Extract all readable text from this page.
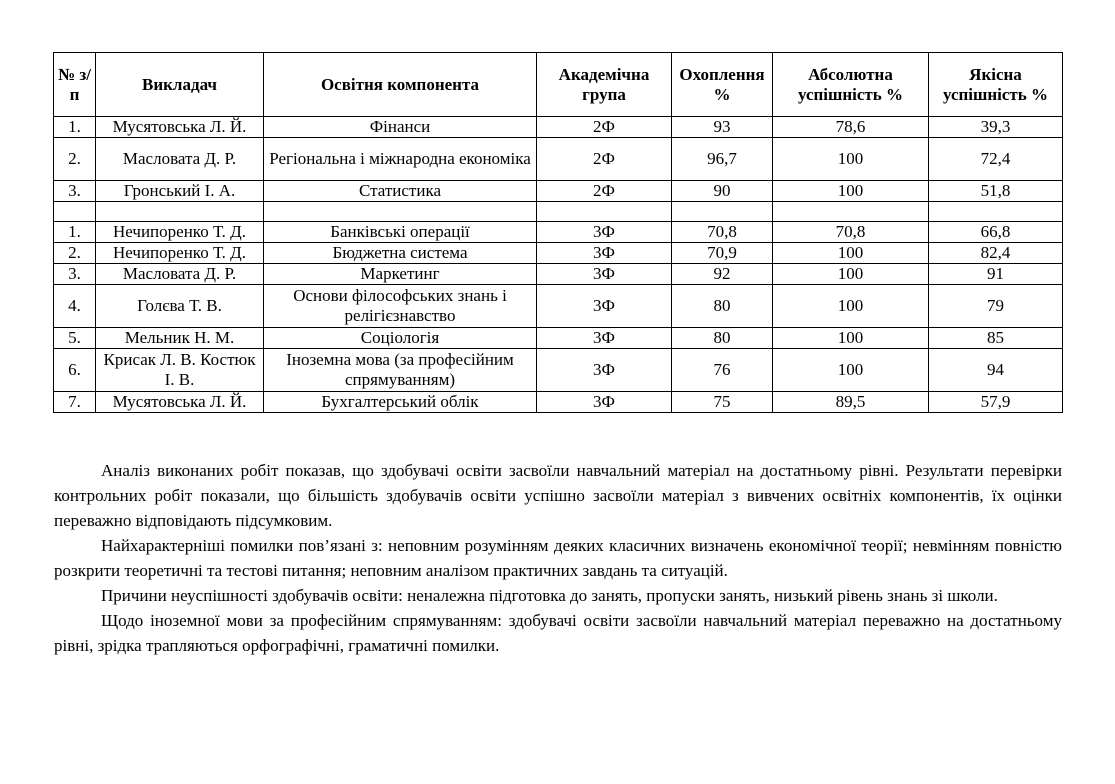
№ з/п	Викладач	Освітня компонента	Академічна група	Охоплення %	Абсолютна успішність %	Якісна успішність %
1.	Мусятовська Л. Й.	Фінанси	2Ф	93	78,6	39,3
2.	Масловата Д. Р.	Регіональна і міжнародна економіка	2Ф	96,7	100	72,4
3.	Гронський І. А.	Статистика	2Ф	90	100	51,8

1.	Нечипоренко Т. Д.	Банківські операції	3Ф	70,8	70,8	66,8
2.	Нечипоренко Т. Д.	Бюджетна система	3Ф	70,9	100	82,4
3.	Масловата Д. Р.	Маркетинг	3Ф	92	100	91
4.	Голєва Т. В.	Основи філософських знань і релігієзнавство	3Ф	80	100	79
5.	Мельник Н. М.	Соціологія	3Ф	80	100	85
6.	Крисак Л. В. Костюк І. В.	Іноземна мова (за професійним спрямуванням)	3Ф	76	100	94
7.	Мусятовська Л. Й.	Бухгалтерський облік	3Ф	75	89,5	57,9

Аналіз виконаних робіт показав, що здобувачі освіти засвоїли навчальний матеріал на достатньому рівні. Результати перевірки контрольних робіт показали, що більшість здобувачів освіти успішно засвоїли матеріал з вивчених освітніх компонентів, їх оцінки переважно відповідають підсумковим.

Найхарактерніші помилки пов’язані з: неповним розумінням деяких класичних визначень економічної теорії; невмінням повністю розкрити теоретичні та тестові питання; неповним аналізом практичних завдань та ситуацій.

Причини неуспішності здобувачів освіти: неналежна підготовка до занять, пропуски занять, низький рівень знань зі школи.

Щодо іноземної мови за професійним спрямуванням: здобувачі освіти засвоїли навчальний матеріал переважно на достатньому рівні, зрідка трапляються орфографічні, граматичні помилки.
